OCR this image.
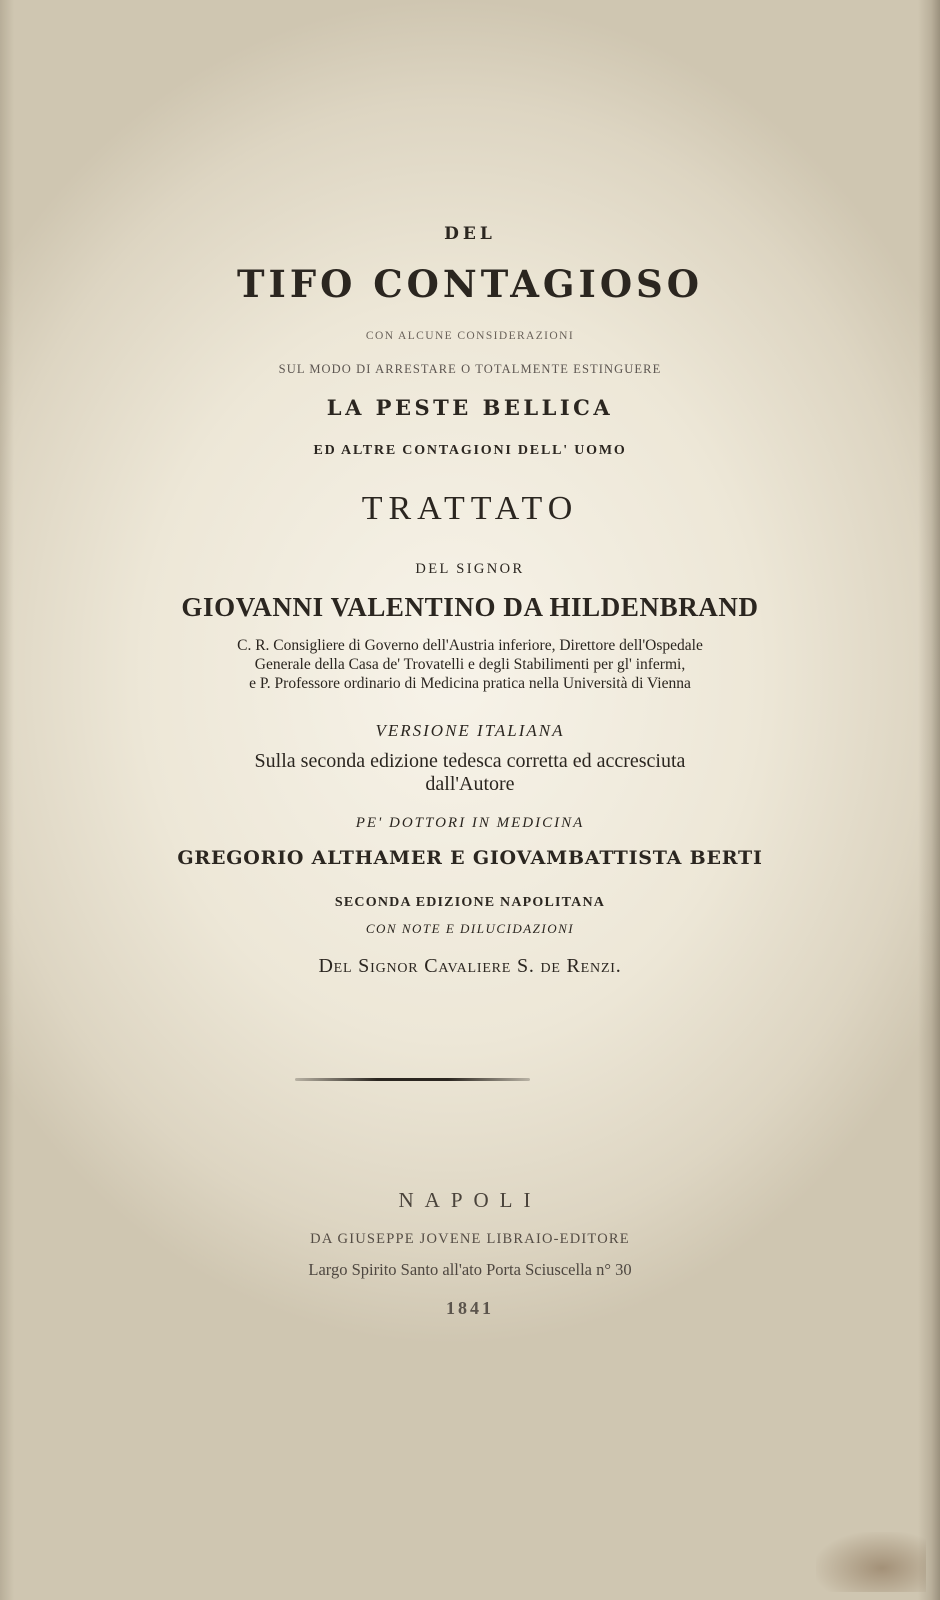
DEL

TIFO CONTAGIOSO

CON ALCUNE CONSIDERAZIONI

SUL MODO DI ARRESTARE O TOTALMENTE ESTINGUERE

LA PESTE BELLICA

ED ALTRE CONTAGIONI DELL' UOMO

TRATTATO

DEL SIGNOR

GIOVANNI VALENTINO DA HILDENBRAND

C. R. Consigliere di Governo dell'Austria inferiore, Direttore dell'Ospedale

Generale della Casa de' Trovatelli e degli Stabilimenti per gl' infermi,

e P. Professore ordinario di Medicina pratica nella Università di Vienna

VERSIONE ITALIANA

Sulla seconda edizione tedesca corretta ed accresciuta

dall'Autore

PE' DOTTORI IN MEDICINA

GREGORIO ALTHAMER E GIOVAMBATTISTA BERTI

SECONDA EDIZIONE NAPOLITANA

CON NOTE E DILUCIDAZIONI

Del Signor Cavaliere S. de Renzi.

NAPOLI

DA GIUSEPPE JOVENE LIBRAIO-EDITORE

Largo Spirito Santo all'ato Porta Sciuscella n° 30

1841
